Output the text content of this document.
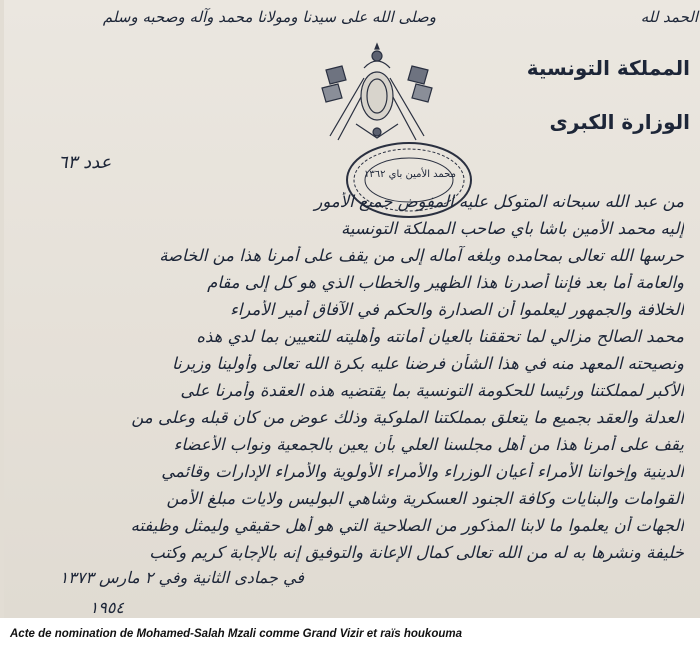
الحمد لله
وصلى الله على سيدنا ومولانا محمد وآله وصحبه وسلم
المملكة التونسية
الوزارة الكبرى
عدد ٦٣
محمد الأمين باي ١٣٦٢
من عبد الله سبحانه المتوكل عليه المفوض جميع الأمور
إليه محمد الأمين باشا باي صاحب المملكة التونسية
حرسها الله تعالى بمحامده وبلغه آماله إلى من يقف على أمرنا هذا من الخاصة
والعامة أما بعد فإننا أصدرنا هذا الظهير والخطاب الذي هو كل إلى مقام
الخلافة والجمهور ليعلموا أن الصدارة والحكم في الآفاق أمير الأمراء
محمد الصالح مزالي لما تحققنا بالعيان أمانته وأهليته للتعيين بما لدي هذه
ونصيحته المعهد منه في هذا الشأن فرضنا عليه بكرة الله تعالى وأولينا وزيرنا
الأكبر لمملكتنا ورئيسا للحكومة التونسية بما يقتضيه هذه العقدة وأمرنا على
العدلة والعقد بجميع ما يتعلق بمملكتنا الملوكية وذلك عوض من كان قبله وعلى من
يقف على أمرنا هذا من أهل مجلسنا العلي بأن يعين بالجمعية ونواب الأعضاء
الدينية وإخواننا الأمراء أعيان الوزراء والأمراء الأولوية والأمراء الإدارات وقائمي
القوامات والبنايات وكافة الجنود العسكرية وشاهي البوليس ولايات مبلغ الأمن
الجهات أن يعلموا ما لابنا المذكور من الصلاحية التي هو أهل حقيقي وليمثل وظيفته
خليفة ونشرها به له من الله تعالى كمال الإعانة والتوفيق إنه بالإجابة كريم وكتب
في جمادى الثانية وفي ٢ مارس ١٣٧٣
١٩٥٤
Acte de nomination de Mohamed-Salah Mzali comme Grand Vizir et raïs houkouma
